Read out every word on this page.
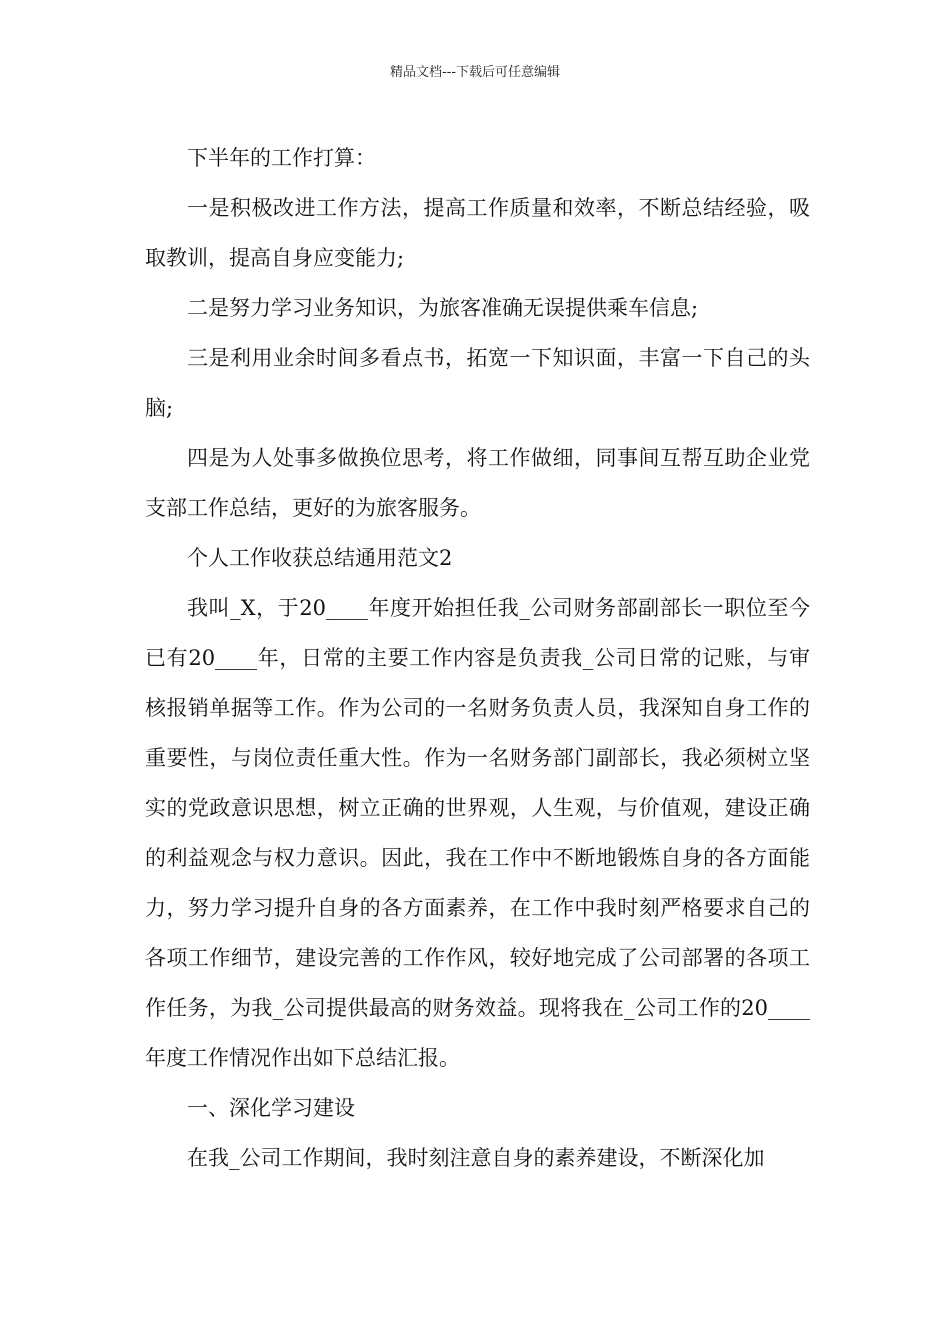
精品文档---下载后可任意编辑

下半年的工作打算：

一是积极改进工作方法，提高工作质量和效率，不断总结经验，吸取教训，提高自身应变能力;

二是努力学习业务知识，为旅客准确无误提供乘车信息;

三是利用业余时间多看点书，拓宽一下知识面，丰富一下自己的头脑;

四是为人处事多做换位思考，将工作做细，同事间互帮互助企业党支部工作总结，更好的为旅客服务。

个人工作收获总结通用范文2

我叫_X，于20____年度开始担任我_公司财务部副部长一职位至今已有20____年，日常的主要工作内容是负责我_公司日常的记账，与审核报销单据等工作。作为公司的一名财务负责人员，我深知自身工作的重要性，与岗位责任重大性。作为一名财务部门副部长，我必须树立坚实的党政意识思想，树立正确的世界观，人生观，与价值观，建设正确的利益观念与权力意识。因此，我在工作中不断地锻炼自身的各方面能力，努力学习提升自身的各方面素养，在工作中我时刻严格要求自己的各项工作细节，建设完善的工作作风，较好地完成了公司部署的各项工作任务，为我_公司提供最高的财务效益。现将我在_公司工作的20____年度工作情况作出如下总结汇报。

一、深化学习建设

在我_公司工作期间，我时刻注意自身的素养建设，不断深化加
